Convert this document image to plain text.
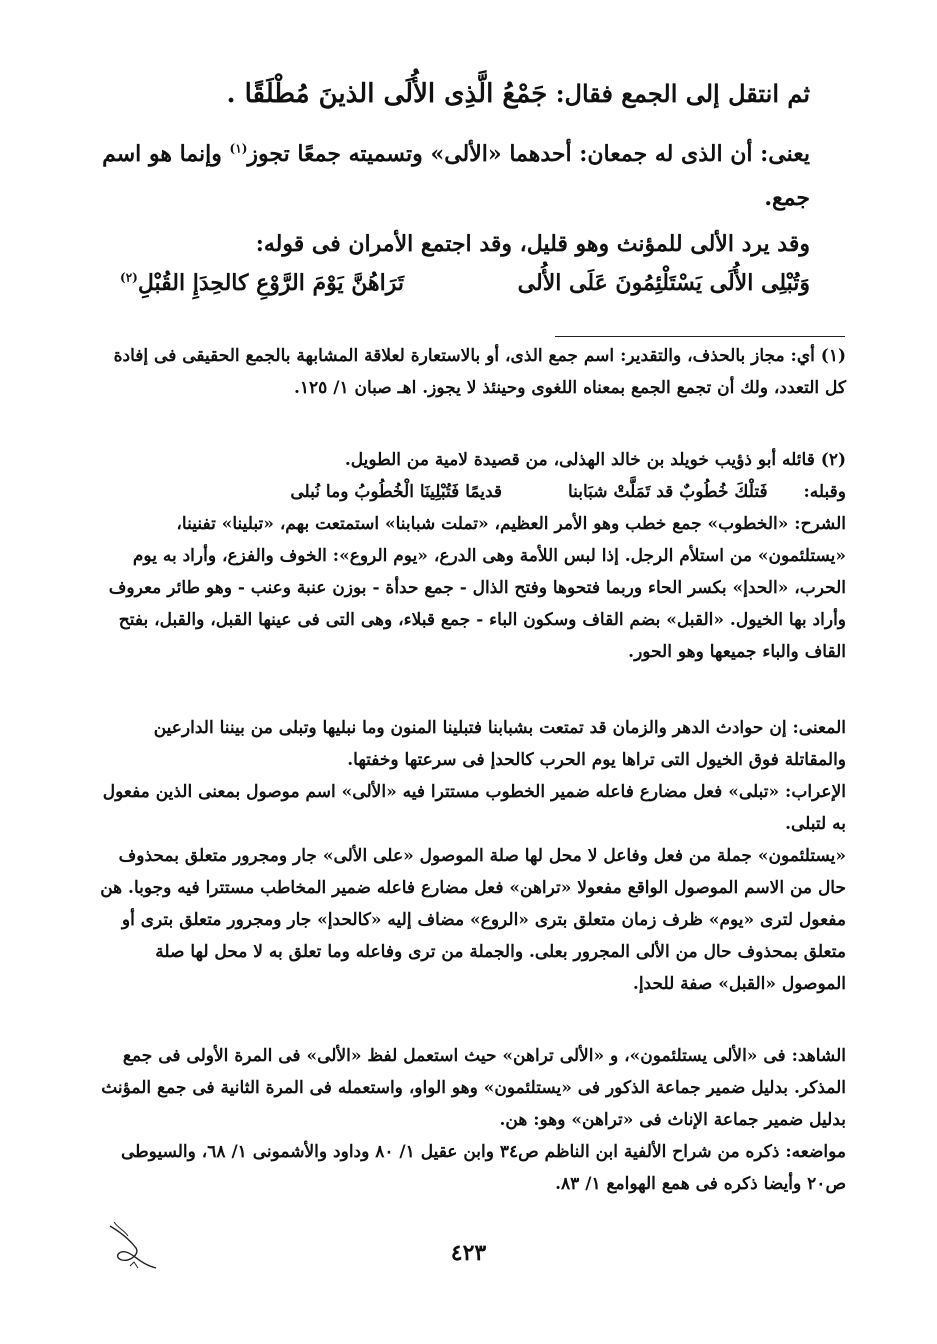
ثم انتقل إلى الجمع فقال: جَمْعُ الَّذِى الأُلَى الذينَ مُطْلَقًا .
يعنى: أن الذى له جمعان: أحدهما «الألى» وتسميته جمعًا تجوز$^{(١)}$ وإنما هو اسم جمع.
وقد يرد الألى للمؤنث وهو قليل، وقد اجتمع الأمران فى قوله:
وَتُبْلِى الأُلَى يَسْتَلْئِمُونَ عَلَى الأُلى
تَرَاهُنَّ يَوْمَ الرَّوْعِ كالحِدَإِ القُبْلِ$^{(٢)}$
(١) أي: مجاز بالحذف، والتقدير: اسم جمع الذى، أو بالاستعارة لعلاقة المشابهة بالجمع الحقيقى فى إفادة كل التعدد، ولك أن تجمع الجمع بمعناه اللغوى وحينئذ لا يجوز. اهـ صبان ١/ ١٢٥.
(٢) قائله أبو ذؤيب خويلد بن خالد الهذلى، من قصيدة لامية من الطويل.
وقبله: فَتلْكَ خُطُوبٌ قد تَمَلَّتْ شبَابنا قديمًا فَتُبْلِينَا الْخُطُوبُ وما نُبلى
الشرح: «الخطوب» جمع خطب وهو الأمر العظيم، «تملت شبابنا» استمتعت بهم، «تبلينا» تفنينا، «يستلئمون» من استلأم الرجل. إذا لبس اللأمة وهى الدرع، «يوم الروع»: الخوف والفزع، وأراد به يوم الحرب، «الحدإ» بكسر الحاء وربما فتحوها وفتح الذال - جمع حدأة - بوزن عنبة وعنب - وهو طائر معروف وأراد بها الخيول. «القبل» بضم القاف وسكون الباء - جمع قبلاء، وهى التى فى عينها القبل، والقبل، بفتح القاف والباء جميعها وهو الحور.
المعنى: إن حوادث الدهر والزمان قد تمتعت بشبابنا فتبلينا المنون وما نبليها وتبلى من بيننا الدارعين والمقاتلة فوق الخيول التى تراها يوم الحرب كالحدإ فى سرعتها وخفتها.
الإعراب: «تبلى» فعل مضارع فاعله ضمير الخطوب مستترا فيه «الألى» اسم موصول بمعنى الذين مفعول به لتبلى.
«يستلئمون» جملة من فعل وفاعل لا محل لها صلة الموصول «على الألى» جار ومجرور متعلق بمحذوف حال من الاسم الموصول الواقع مفعولا «تراهن» فعل مضارع فاعله ضمير المخاطب مستترا فيه وجوبا. هن مفعول لترى «يوم» ظرف زمان متعلق بترى «الروع» مضاف إليه «كالحدإ» جار ومجرور متعلق بترى أو متعلق بمحذوف حال من الألى المجرور بعلى. والجملة من ترى وفاعله وما تعلق به لا محل لها صلة الموصول «القبل» صفة للحدإ.
الشاهد: فى «الألى يستلئمون»، و «الألى تراهن» حيث استعمل لفظ «الألى» فى المرة الأولى فى جمع المذكر. بدليل ضمير جماعة الذكور فى «يستلئمون» وهو الواو، واستعمله فى المرة الثانية فى جمع المؤنث بدليل ضمير جماعة الإناث فى «تراهن» وهو: هن.
مواضعه: ذكره من شراح الألفية ابن الناظم ص٣٤ وابن عقيل ١/ ٨٠ وداود والأشمونى ١/ ٦٨، والسيوطى ص٢٠ وأيضا ذكره فى همع الهوامع ١/ ٨٣.
٤٢٣
